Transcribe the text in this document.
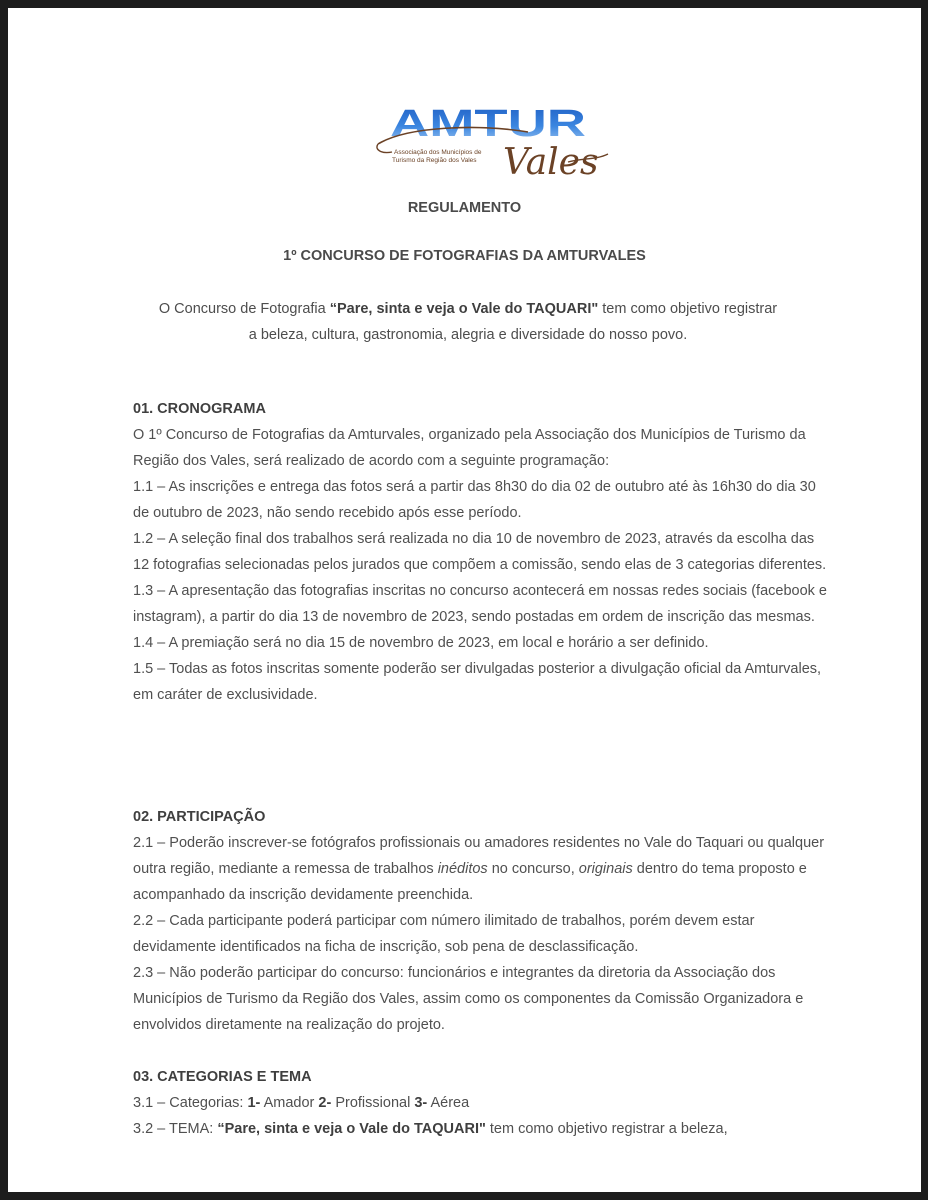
AMTUR
Vales
Associação dos Municípios de
Turismo da Região dos Vales
REGULAMENTO
1º CONCURSO DE FOTOGRAFIAS DA AMTURVALES

O Concurso de Fotografia “Pare, sinta e veja o Vale do TAQUARI" tem como objetivo registrar
a beleza, cultura, gastronomia, alegria e diversidade do nosso povo.

01. CRONOGRAMA

O 1º Concurso de Fotografias da Amturvales, organizado pela Associação dos Municípios de Turismo da Região dos Vales, será realizado de acordo com a seguinte programação:

1.1 – As inscrições e entrega das fotos será a partir das 8h30 do dia 02 de outubro até às 16h30 do dia 30 de outubro de 2023, não sendo recebido após esse período.

1.2 – A seleção final dos trabalhos será realizada no dia 10 de novembro de 2023, através da escolha das 12 fotografias selecionadas pelos jurados que compõem a comissão, sendo elas de 3 categorias diferentes.

1.3 – A apresentação das fotografias inscritas no concurso acontecerá em nossas redes sociais (facebook e instagram), a partir do dia 13 de novembro de 2023, sendo postadas em ordem de inscrição das mesmas.

1.4 – A premiação será no dia 15 de novembro de 2023, em local e horário a ser definido.

1.5 – Todas as fotos inscritas somente poderão ser divulgadas posterior a divulgação oficial da Amturvales, em caráter de exclusividade.

02. PARTICIPAÇÃO

2.1 – Poderão inscrever-se fotógrafos profissionais ou amadores residentes no Vale do Taquari ou qualquer outra região, mediante a remessa de trabalhos inéditos no concurso, originais dentro do tema proposto e acompanhado da inscrição devidamente preenchida.

2.2 – Cada participante poderá participar com número ilimitado de trabalhos, porém devem estar devidamente identificados na ficha de inscrição, sob pena de desclassificação.

2.3 – Não poderão participar do concurso: funcionários e integrantes da diretoria da Associação dos Municípios de Turismo da Região dos Vales, assim como os componentes da Comissão Organizadora e envolvidos diretamente na realização do projeto.

03. CATEGORIAS E TEMA

3.1 – Categorias: 1- Amador 2- Profissional 3- Aérea

3.2 – TEMA: “Pare, sinta e veja o Vale do TAQUARI" tem como objetivo registrar a beleza,
